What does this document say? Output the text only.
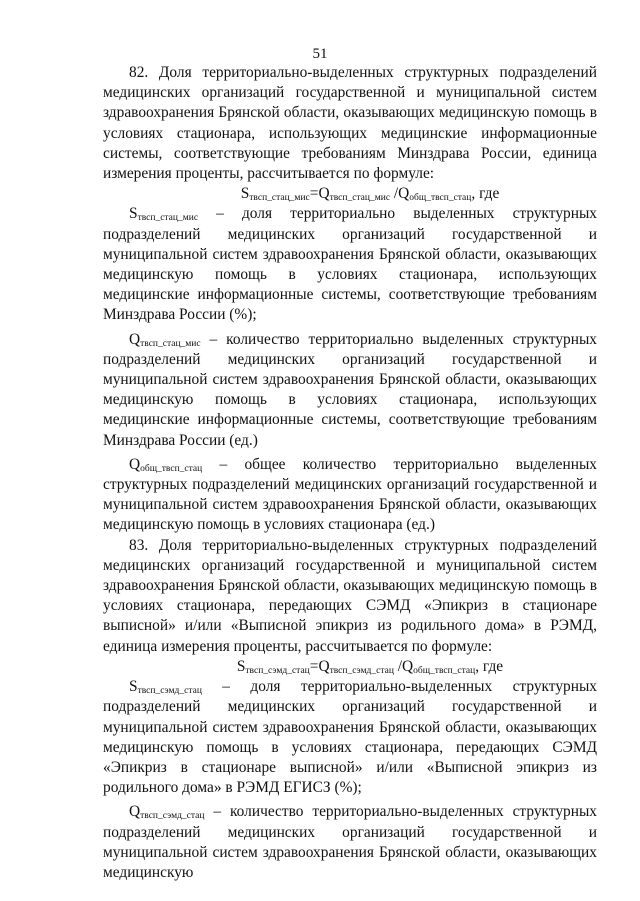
51

82. Доля территориально-выделенных структурных подразделений медицинских организаций государственной и муниципальной систем здравоохранения Брянской области, оказывающих медицинскую помощь в условиях стационара, использующих медицинские информационные системы, соответствующие требованиям Минздрава России, единица измерения проценты, рассчитывается по формуле:

$S_{твсп\_стац\_мис}=Q_{твсп\_стац\_мис}$ $/Q_{общ\_твсп\_стац}$, где

$S_{твсп\_стац\_мис}$ – доля территориально выделенных структурных подразделений медицинских организаций государственной и муниципальной систем здравоохранения Брянской области, оказывающих медицинскую помощь в условиях стационара, использующих медицинские информационные системы, соответствующие требованиям Минздрава России (%);

$Q_{твсп\_стац\_мис}$ – количество территориально выделенных структурных подразделений медицинских организаций государственной и муниципальной систем здравоохранения Брянской области, оказывающих медицинскую помощь в условиях стационара, использующих медицинские информационные системы, соответствующие требованиям Минздрава России (ед.)

$Q_{общ\_твсп\_стац}$ – общее количество территориально выделенных структурных подразделений медицинских организаций государственной и муниципальной систем здравоохранения Брянской области, оказывающих медицинскую помощь в условиях стационара (ед.)

83. Доля территориально-выделенных структурных подразделений медицинских организаций государственной и муниципальной систем здравоохранения Брянской области, оказывающих медицинскую помощь в условиях стационара, передающих СЭМД «Эпикриз в стационаре выписной» и/или «Выписной эпикриз из родильного дома» в РЭМД, единица измерения проценты, рассчитывается по формуле:

$S_{твсп\_сэмд\_стац}=Q_{твсп\_сэмд\_стац}$ $/Q_{общ\_твсп\_стац}$, где

$S_{твсп\_сэмд\_стац}$ – доля территориально-выделенных структурных подразделений медицинских организаций государственной и муниципальной систем здравоохранения Брянской области, оказывающих медицинскую помощь в условиях стационара, передающих СЭМД «Эпикриз в стационаре выписной» и/или «Выписной эпикриз из родильного дома» в РЭМД ЕГИСЗ (%);

$Q_{твсп\_сэмд\_стац}$ – количество территориально-выделенных структурных подразделений медицинских организаций государственной и муниципальной систем здравоохранения Брянской области, оказывающих медицинскую
